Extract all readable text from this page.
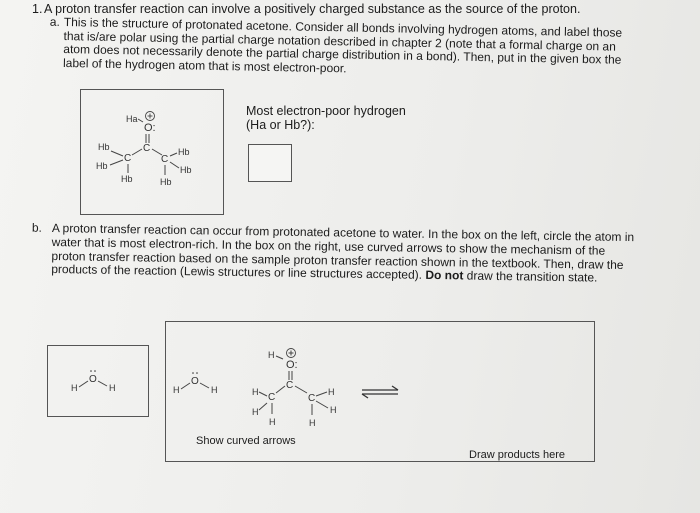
1. A proton transfer reaction can involve a positively charged substance as the source of the proton.
a. This is the structure of protonated acetone. Consider all bonds involving hydrogen atoms, and label those that is/are polar using the partial charge notation described in chapter 2 (note that a formal charge on an atom does not necessarily denote the partial charge distribution in a bond). Then, put in the given box the label of the hydrogen atom that is most electron-poor.
Ha
O:
C
C	C
Hb
Hb
Hb
Hb
Hb
Hb
Most electron-poor hydrogen
(Ha or Hb?):
b. A proton transfer reaction can occur from protonated acetone to water. In the box on the left, circle the atom in water that is most electron-rich. In the box on the right, use curved arrows to show the mechanism of the proton transfer reaction based on the sample proton transfer reaction shown in the textbook. Then, draw the products of the reaction (Lewis structures or line structures accepted). Do not draw the transition state.
H
O
H	H
O
H
H
O:
C
C	C
H
H
H
H
H
H
Show curved arrows
Draw products here
